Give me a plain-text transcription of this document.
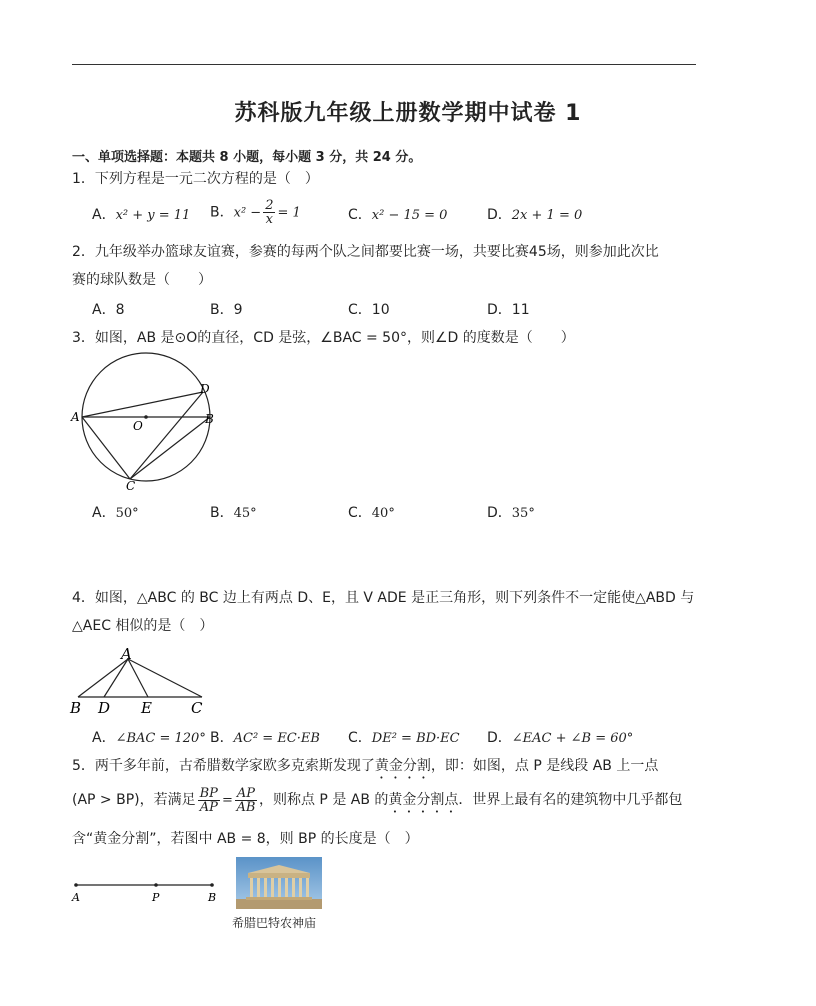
苏科版九年级上册数学期中试卷 1
一、单项选择题：本题共 8 小题，每小题 3 分，共 24 分。
1．下列方程是一元二次方程的是（　）
A．x² + y = 11 B．$x^2 - \frac{2}{x} = 1$	C．x² − 15 = 0	D．2x + 1 = 0
2．九年级举办篮球友谊赛，参赛的每两个队之间都要比赛一场，共要比赛45场，则参加此次比
赛的球队数是（　　）
A．8	B．9	C．10	D．11
3．如图，AB 是⊙O的直径，CD 是弦，∠BAC = 50°，则∠D 的度数是（　　）
A	B
C
D
O
A．50°	B．45°	C．40°	D．35°
4．如图，△ABC 的 BC 边上有两点 D、E，且 V ADE 是正三角形，则下列条件不一定能使△ABD 与
△AEC 相似的是（　）
A
B D E	C
A．∠BAC = 120° B．AC² = EC·EB C．DE² = BD·EC D．∠EAC + ∠B = 60°
5．两千多年前，古希腊数学家欧多克索斯发现了黄金分割，即：如图，点 P 是线段 AB 上一点
(AP > BP)，若满足 $\frac{BP}{AP} = \frac{AP}{AB}$ ，则称点 P 是 AB 的黄金分割点．世界上最有名的建筑物中几乎都包
含“黄金分割”，若图中 AB = 8，则 BP 的长度是（　）
A	P	B
希腊巴特农神庙
